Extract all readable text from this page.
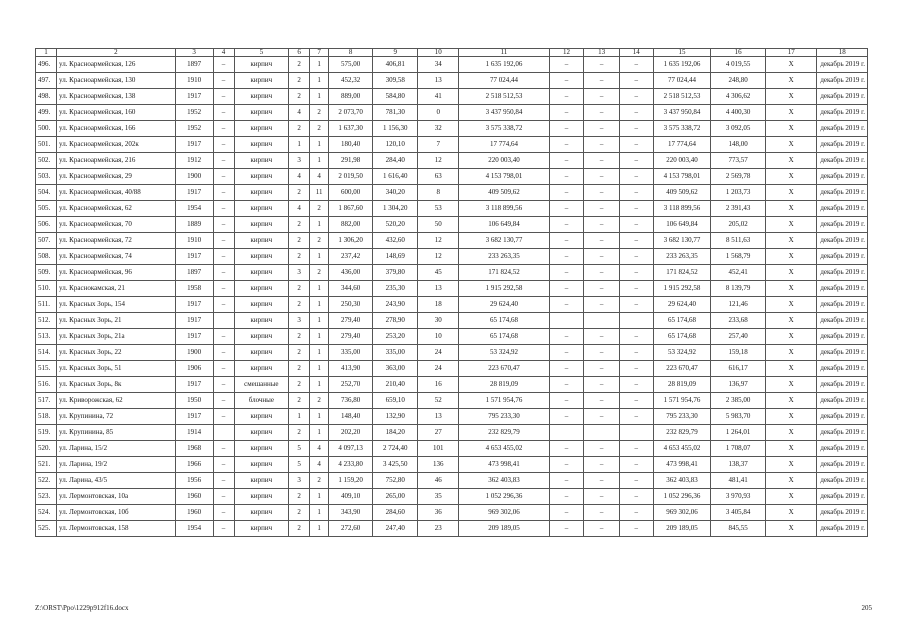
1	2	3	4	5	6	7	8	9	10	11	12	13	14	15	16	17	18
496.	ул. Красноармейская, 126	1897	–	кирпич	2	1	575,00	406,81	34	1 635 192,06	–	–	–	1 635 192,06	4 019,55	Х	декабрь 2019 г.
497.	ул. Красноармейская, 130	1910	–	кирпич	2	1	452,32	309,58	13	77 024,44	–	–	–	77 024,44	248,80	Х	декабрь 2019 г.
498.	ул. Красноармейская, 138	1917	–	кирпич	2	1	889,00	584,80	41	2 518 512,53	–	–	–	2 518 512,53	4 306,62	Х	декабрь 2019 г.
499.	ул. Красноармейская, 160	1952	–	кирпич	4	2	2 073,70	781,30	0	3 437 950,84	–	–	–	3 437 950,84	4 400,30	Х	декабрь 2019 г.
500.	ул. Красноармейская, 166	1952	–	кирпич	2	2	1 637,30	1 156,30	32	3 575 338,72	–	–	–	3 575 338,72	3 092,05	Х	декабрь 2019 г.
501.	ул. Красноармейская, 202к	1917	–	кирпич	1	1	180,40	120,10	7	17 774,64	–	–	–	17 774,64	148,00	Х	декабрь 2019 г.
502.	ул. Красноармейская, 216	1912	–	кирпич	3	1	291,98	284,40	12	220 003,40	–	–	–	220 003,40	773,57	Х	декабрь 2019 г.
503.	ул. Красноармейская, 29	1900	–	кирпич	4	4	2 019,50	1 616,40	63	4 153 798,01	–	–	–	4 153 798,01	2 569,78	Х	декабрь 2019 г.
504.	ул. Красноармейская, 40/88	1917	–	кирпич	2	11	600,00	340,20	8	409 509,62	–	–	–	409 509,62	1 203,73	Х	декабрь 2019 г.
505.	ул. Красноармейская, 62	1954	–	кирпич	4	2	1 867,60	1 304,20	53	3 118 899,56	–	–	–	3 118 899,56	2 391,43	Х	декабрь 2019 г.
506.	ул. Красноармейская, 70	1889	–	кирпич	2	1	882,00	520,20	50	106 649,84	–	–	–	106 649,84	205,02	Х	декабрь 2019 г.
507.	ул. Красноармейская, 72	1910	–	кирпич	2	2	1 306,20	432,60	12	3 682 130,77	–	–	–	3 682 130,77	8 511,63	Х	декабрь 2019 г.
508.	ул. Красноармейская, 74	1917	–	кирпич	2	1	237,42	148,69	12	233 263,35	–	–	–	233 263,35	1 568,79	Х	декабрь 2019 г.
509.	ул. Красноармейская, 96	1897	–	кирпич	3	2	436,00	379,80	45	171 824,52	–	–	–	171 824,52	452,41	Х	декабрь 2019 г.
510.	ул. Краснокамская, 21	1958	–	кирпич	2	1	344,60	235,30	13	1 915 292,58	–	–	–	1 915 292,58	8 139,79	Х	декабрь 2019 г.
511.	ул. Красных Зорь, 154	1917	–	кирпич	2	1	250,30	243,90	18	29 624,40	–	–	–	29 624,40	121,46	Х	декабрь 2019 г.
512.	ул. Красных Зорь, 21	1917		кирпич	3	1	279,40	278,90	30	65 174,68				65 174,68	233,68	Х	декабрь 2019 г.
513.	ул. Красных Зорь, 21а	1917	–	кирпич	2	1	279,40	253,20	10	65 174,68	–	–	–	65 174,68	257,40	Х	декабрь 2019 г.
514.	ул. Красных Зорь, 22	1900	–	кирпич	2	1	335,00	335,00	24	53 324,92	–	–	–	53 324,92	159,18	Х	декабрь 2019 г.
515.	ул. Красных Зорь, 51	1906	–	кирпич	2	1	413,90	363,00	24	223 670,47	–	–	–	223 670,47	616,17	Х	декабрь 2019 г.
516.	ул. Красных Зорь, 8к	1917	–	смешанные	2	1	252,70	210,40	16	28 819,09	–	–	–	28 819,09	136,97	Х	декабрь 2019 г.
517.	ул. Криворожская, 62	1950	–	блочные	2	2	736,80	659,10	52	1 571 954,76	–	–	–	1 571 954,76	2 385,00	Х	декабрь 2019 г.
518.	ул. Крупинина, 72	1917	–	кирпич	1	1	148,40	132,90	13	795 233,30	–	–	–	795 233,30	5 983,70	Х	декабрь 2019 г.
519.	ул. Крупинина, 85	1914		кирпич	2	1	202,20	184,20	27	232 829,79				232 829,79	1 264,01	Х	декабрь 2019 г.
520.	ул. Ларина, 15/2	1968	–	кирпич	5	4	4 097,13	2 724,40	101	4 653 455,02	–	–	–	4 653 455,02	1 708,07	Х	декабрь 2019 г.
521.	ул. Ларина, 19/2	1966	–	кирпич	5	4	4 233,80	3 425,50	136	473 998,41	–	–	–	473 998,41	138,37	Х	декабрь 2019 г.
522.	ул. Ларина, 43/5	1956	–	кирпич	3	2	1 159,20	752,80	46	362 403,83	–	–	–	362 403,83	481,41	Х	декабрь 2019 г.
523.	ул. Лермонтовская, 10а	1960	–	кирпич	2	1	409,10	265,00	35	1 052 296,36	–	–	–	1 052 296,36	3 970,93	Х	декабрь 2019 г.
524.	ул. Лермонтовская, 10б	1960	–	кирпич	2	1	343,90	284,60	36	969 302,06	–	–	–	969 302,06	3 405,84	Х	декабрь 2019 г.
525.	ул. Лермонтовская, 158	1954	–	кирпич	2	1	272,60	247,40	23	209 189,05	–	–	–	209 189,05	845,55	Х	декабрь 2019 г.
Z:\ORST\Ppo\1229p912f16.docx	205
